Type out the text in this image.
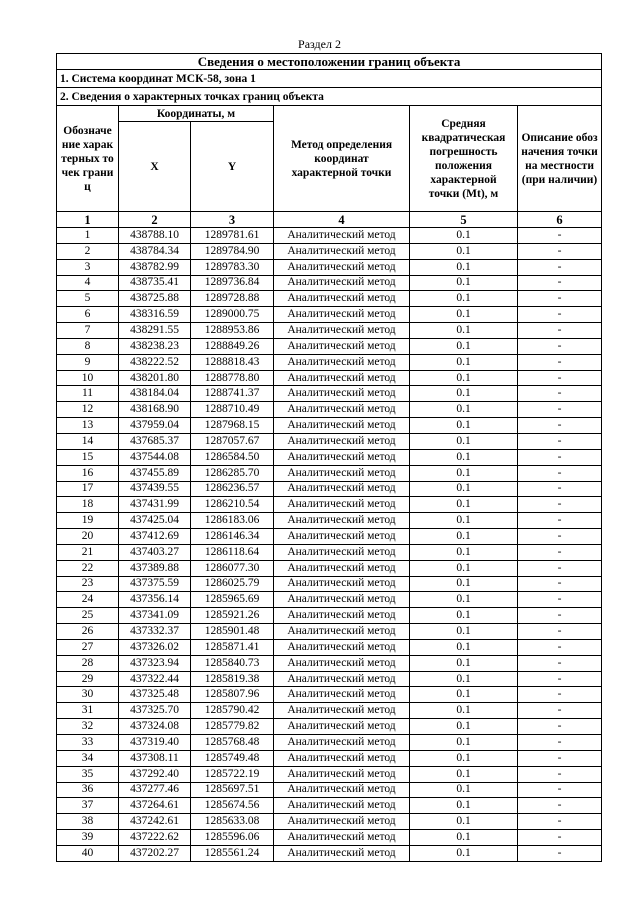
Раздел 2
Сведения о местоположении границ объекта					
1. Система координат МСК-58, зона 1					
2. Сведения о характерных точках границ объекта					
Обозначение характерных точек границ	Координаты, м		Метод определения координат характерной точки	Средняя квадратическая погрешность положения характерной точки (Mt), м	Описание обозначения точки на местности (при наличии)
	X	Y			
1	2	3	4	5	6
1	438788.10	1289781.61	Аналитический метод	0.1	-
2	438784.34	1289784.90	Аналитический метод	0.1	-
3	438782.99	1289783.30	Аналитический метод	0.1	-
4	438735.41	1289736.84	Аналитический метод	0.1	-
5	438725.88	1289728.88	Аналитический метод	0.1	-
6	438316.59	1289000.75	Аналитический метод	0.1	-
7	438291.55	1288953.86	Аналитический метод	0.1	-
8	438238.23	1288849.26	Аналитический метод	0.1	-
9	438222.52	1288818.43	Аналитический метод	0.1	-
10	438201.80	1288778.80	Аналитический метод	0.1	-
11	438184.04	1288741.37	Аналитический метод	0.1	-
12	438168.90	1288710.49	Аналитический метод	0.1	-
13	437959.04	1287968.15	Аналитический метод	0.1	-
14	437685.37	1287057.67	Аналитический метод	0.1	-
15	437544.08	1286584.50	Аналитический метод	0.1	-
16	437455.89	1286285.70	Аналитический метод	0.1	-
17	437439.55	1286236.57	Аналитический метод	0.1	-
18	437431.99	1286210.54	Аналитический метод	0.1	-
19	437425.04	1286183.06	Аналитический метод	0.1	-
20	437412.69	1286146.34	Аналитический метод	0.1	-
21	437403.27	1286118.64	Аналитический метод	0.1	-
22	437389.88	1286077.30	Аналитический метод	0.1	-
23	437375.59	1286025.79	Аналитический метод	0.1	-
24	437356.14	1285965.69	Аналитический метод	0.1	-
25	437341.09	1285921.26	Аналитический метод	0.1	-
26	437332.37	1285901.48	Аналитический метод	0.1	-
27	437326.02	1285871.41	Аналитический метод	0.1	-
28	437323.94	1285840.73	Аналитический метод	0.1	-
29	437322.44	1285819.38	Аналитический метод	0.1	-
30	437325.48	1285807.96	Аналитический метод	0.1	-
31	437325.70	1285790.42	Аналитический метод	0.1	-
32	437324.08	1285779.82	Аналитический метод	0.1	-
33	437319.40	1285768.48	Аналитический метод	0.1	-
34	437308.11	1285749.48	Аналитический метод	0.1	-
35	437292.40	1285722.19	Аналитический метод	0.1	-
36	437277.46	1285697.51	Аналитический метод	0.1	-
37	437264.61	1285674.56	Аналитический метод	0.1	-
38	437242.61	1285633.08	Аналитический метод	0.1	-
39	437222.62	1285596.06	Аналитический метод	0.1	-
40	437202.27	1285561.24	Аналитический метод	0.1	-
